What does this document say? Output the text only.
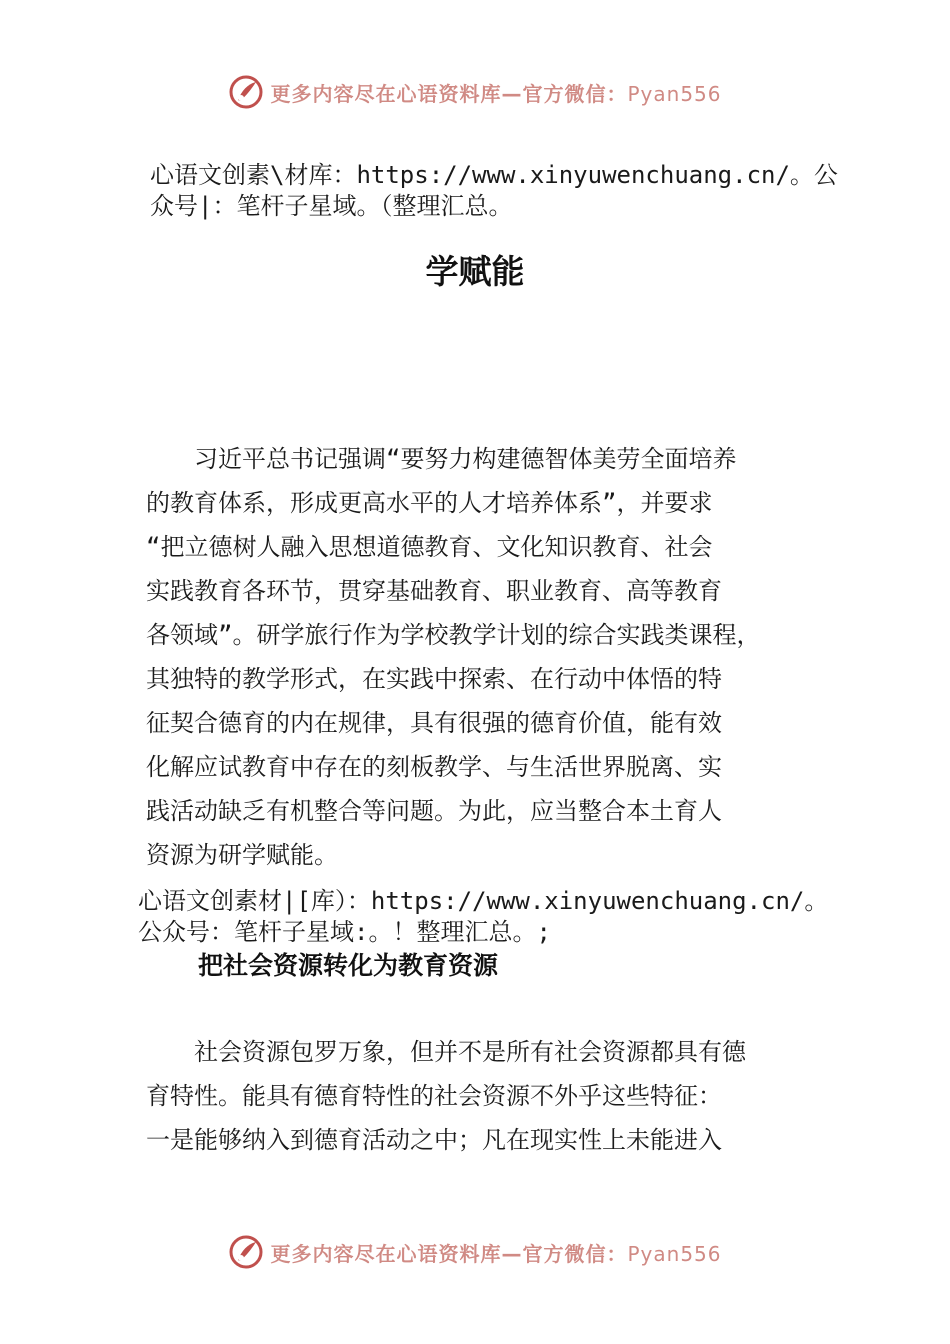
更多内容尽在心语资料库—官方微信：Pyan556
心语文创素\材库：https://www.xinyuwenchuang.cn/。公
众号|：笔杆子星域。（整理汇总。
学赋能
　　习近平总书记强调“要努力构建德智体美劳全面培养
的教育体系，形成更高水平的人才培养体系”，并要求
“把立德树人融入思想道德教育、文化知识教育、社会
实践教育各环节，贯穿基础教育、职业教育、高等教育
各领域”。研学旅行作为学校教学计划的综合实践类课程，
其独特的教学形式，在实践中探索、在行动中体悟的特
征契合德育的内在规律，具有很强的德育价值，能有效
化解应试教育中存在的刻板教学、与生活世界脱离、实
践活动缺乏有机整合等问题。为此，应当整合本土育人
资源为研学赋能。
心语文创素材|[库）：https://www.xinyuwenchuang.cn/。
公众号：笔杆子星域:。！整理汇总。;
把社会资源转化为教育资源
　　社会资源包罗万象，但并不是所有社会资源都具有德
育特性。能具有德育特性的社会资源不外乎这些特征：
一是能够纳入到德育活动之中；凡在现实性上未能进入
更多内容尽在心语资料库—官方微信：Pyan556
